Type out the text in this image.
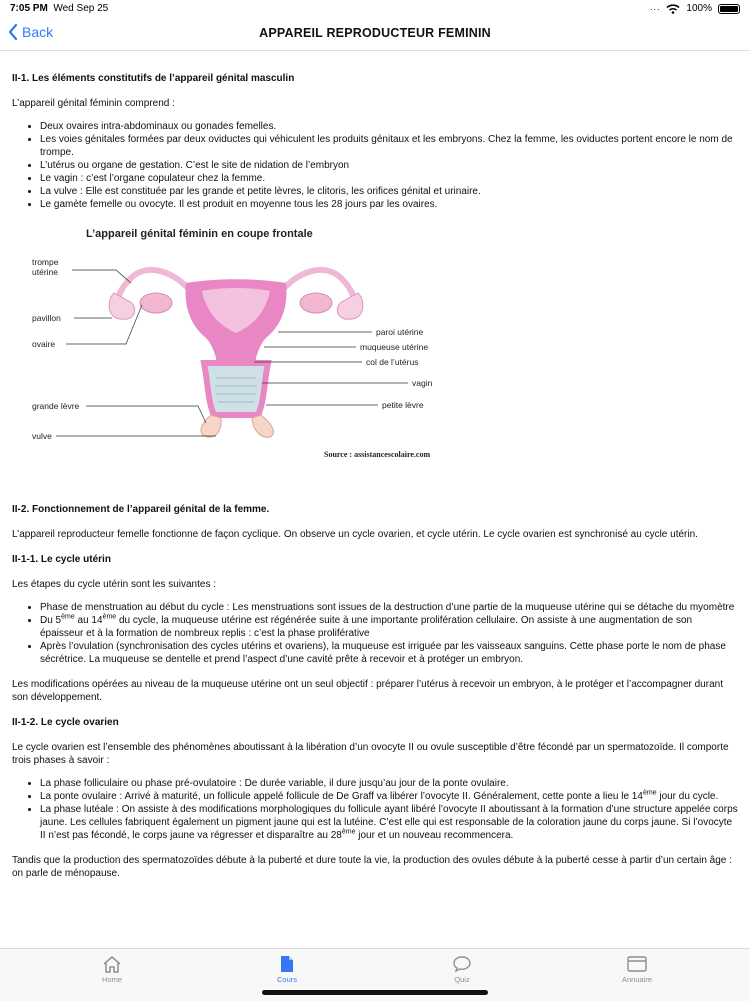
7:05 PM Wed Sep 25	∙∙∙	100%
Back	APPAREIL REPRODUCTEUR FEMININ
II-1. Les éléments constitutifs de l’appareil génital masculin

L’appareil génital féminin comprend :

• Deux ovaires intra-abdominaux ou gonades femelles.
• Les voies génitales formées par deux oviductes qui véhiculent les produits génitaux et les embryons. Chez la femme, les oviductes portent encore le nom de trompe.
• L’utérus ou organe de gestation. C’est le site de nidation de l’embryon
• Le vagin : c’est l’organe copulateur chez la femme.
• La vulve : Elle est constituée par les grande et petite lèvres, le clitoris, les orifices génital et urinaire.
• Le gamète femelle ou ovocyte. Il est produit en moyenne tous les 28 jours par les ovaires.
L’appareil génital féminin en coupe frontale
trompe
utérine
pavillon
ovaire
grande lèvre
vulve
paroi utérine
muqueuse utérine
col de l’utérus
vagin
petite lèvre
Source : assistancescolaire.com
II-2. Fonctionnement de l’appareil génital de la femme.

L’appareil reproducteur femelle fonctionne de façon cyclique. On observe un cycle ovarien, et cycle utérin. Le cycle ovarien est synchronisé au cycle utérin.

II-1-1. Le cycle utérin

Les étapes du cycle utérin sont les suivantes :

• Phase de menstruation au début du cycle : Les menstruations sont issues de la destruction d’une partie de la muqueuse utérine qui se détache du myomètre
• Du 5ème au 14ème du cycle, la muqueuse utérine est régénérée suite à une importante prolifération cellulaire. On assiste à une augmentation de son épaisseur et à la formation de nombreux replis : c’est la phase proliférative
• Après l’ovulation (synchronisation des cycles utérins et ovariens), la muqueuse est irriguée par les vaisseaux sanguins. Cette phase porte le nom de phase sécrétrice. La muqueuse se dentelle et prend l’aspect d’une cavité prête à recevoir et à protéger un embryon.

Les modifications opérées au niveau de la muqueuse utérine ont un seul objectif : préparer l’utérus à recevoir un embryon, à le protéger et l’accompagner durant son développement.

II-1-2. Le cycle ovarien

Le cycle ovarien est l’ensemble des phénomènes aboutissant à la libération d’un ovocyte II ou ovule susceptible d’être fécondé par un spermatozoïde. Il comporte trois phases à savoir :

• La phase folliculaire ou phase pré-ovulatoire : De durée variable, il dure jusqu’au jour de la ponte ovulaire.
• La ponte ovulaire : Arrivé à maturité, un follicule appelé follicule de De Graff va libérer l’ovocyte II. Généralement, cette ponte a lieu le 14ème jour du cycle.
• La phase lutéale : On assiste à des modifications morphologiques du follicule ayant libéré l’ovocyte II aboutissant à la formation d’une structure appelée corps jaune. Les cellules fabriquent également un pigment jaune qui est la lutéine. C’est elle qui est responsable de la coloration jaune du corps jaune. Si l’ovocyte II n’est pas fécondé, le corps jaune va régresser et disparaître au 28ème jour et un nouveau recommencera.

Tandis que la production des spermatozoïdes débute à la puberté et dure toute la vie, la production des ovules débute à la puberté cesse à partir d’un certain âge : on parle de ménopause.

Home	Cours	Quiz	Annuaire
